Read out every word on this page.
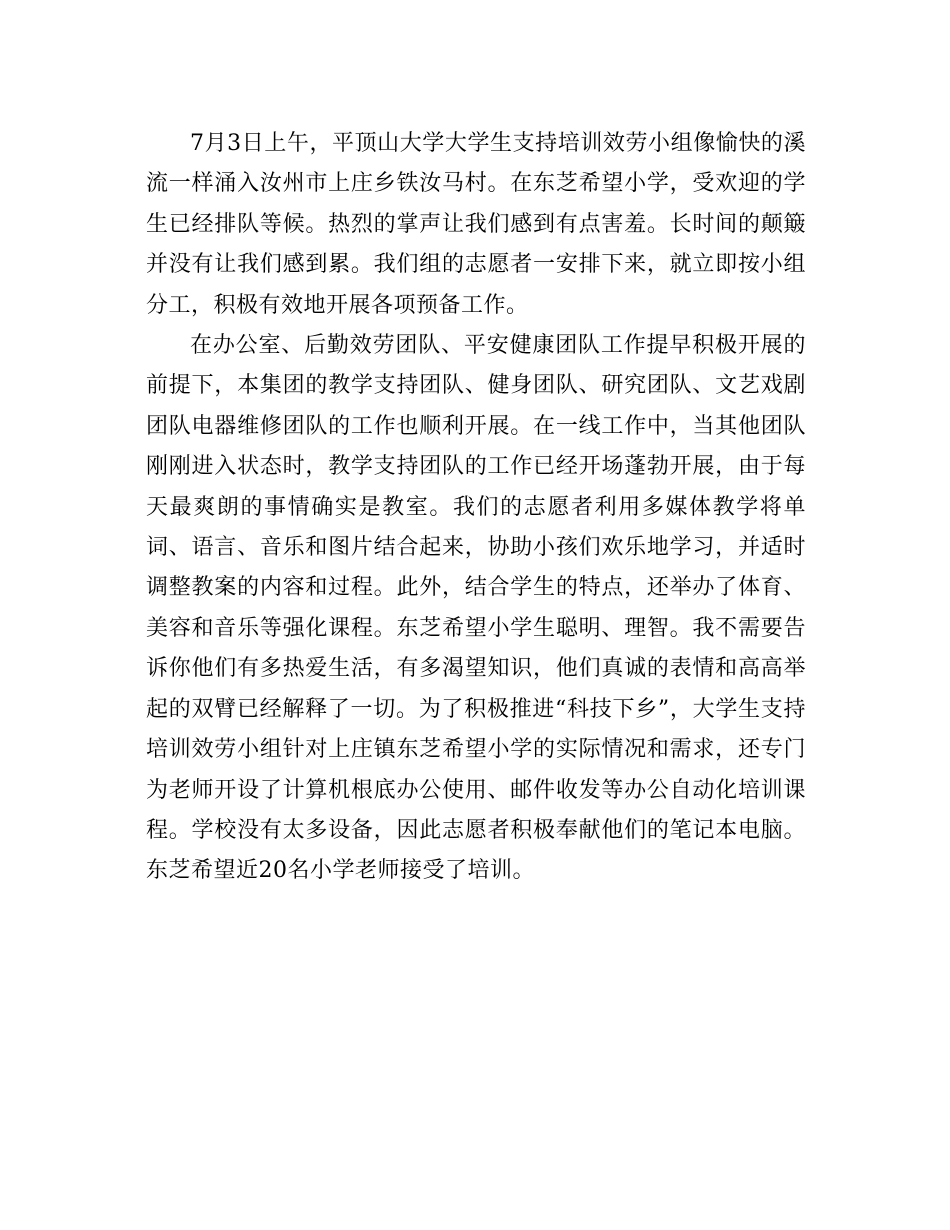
7月3日上午，平顶山大学大学生支持培训效劳小组像愉快的溪流一样涌入汝州市上庄乡铁汝马村。在东芝希望小学，受欢迎的学生已经排队等候。热烈的掌声让我们感到有点害羞。长时间的颠簸并没有让我们感到累。我们组的志愿者一安排下来，就立即按小组分工，积极有效地开展各项预备工作。

在办公室、后勤效劳团队、平安健康团队工作提早积极开展的前提下，本集团的教学支持团队、健身团队、研究团队、文艺戏剧团队电器维修团队的工作也顺利开展。在一线工作中，当其他团队刚刚进入状态时，教学支持团队的工作已经开场蓬勃开展，由于每天最爽朗的事情确实是教室。我们的志愿者利用多媒体教学将单词、语言、音乐和图片结合起来，协助小孩们欢乐地学习，并适时调整教案的内容和过程。此外，结合学生的特点，还举办了体育、美容和音乐等强化课程。东芝希望小学生聪明、理智。我不需要告诉你他们有多热爱生活，有多渴望知识，他们真诚的表情和高高举起的双臂已经解释了一切。为了积极推进“科技下乡”，大学生支持培训效劳小组针对上庄镇东芝希望小学的实际情况和需求，还专门为老师开设了计算机根底办公使用、邮件收发等办公自动化培训课程。学校没有太多设备，因此志愿者积极奉献他们的笔记本电脑。东芝希望近20名小学老师接受了培训。
